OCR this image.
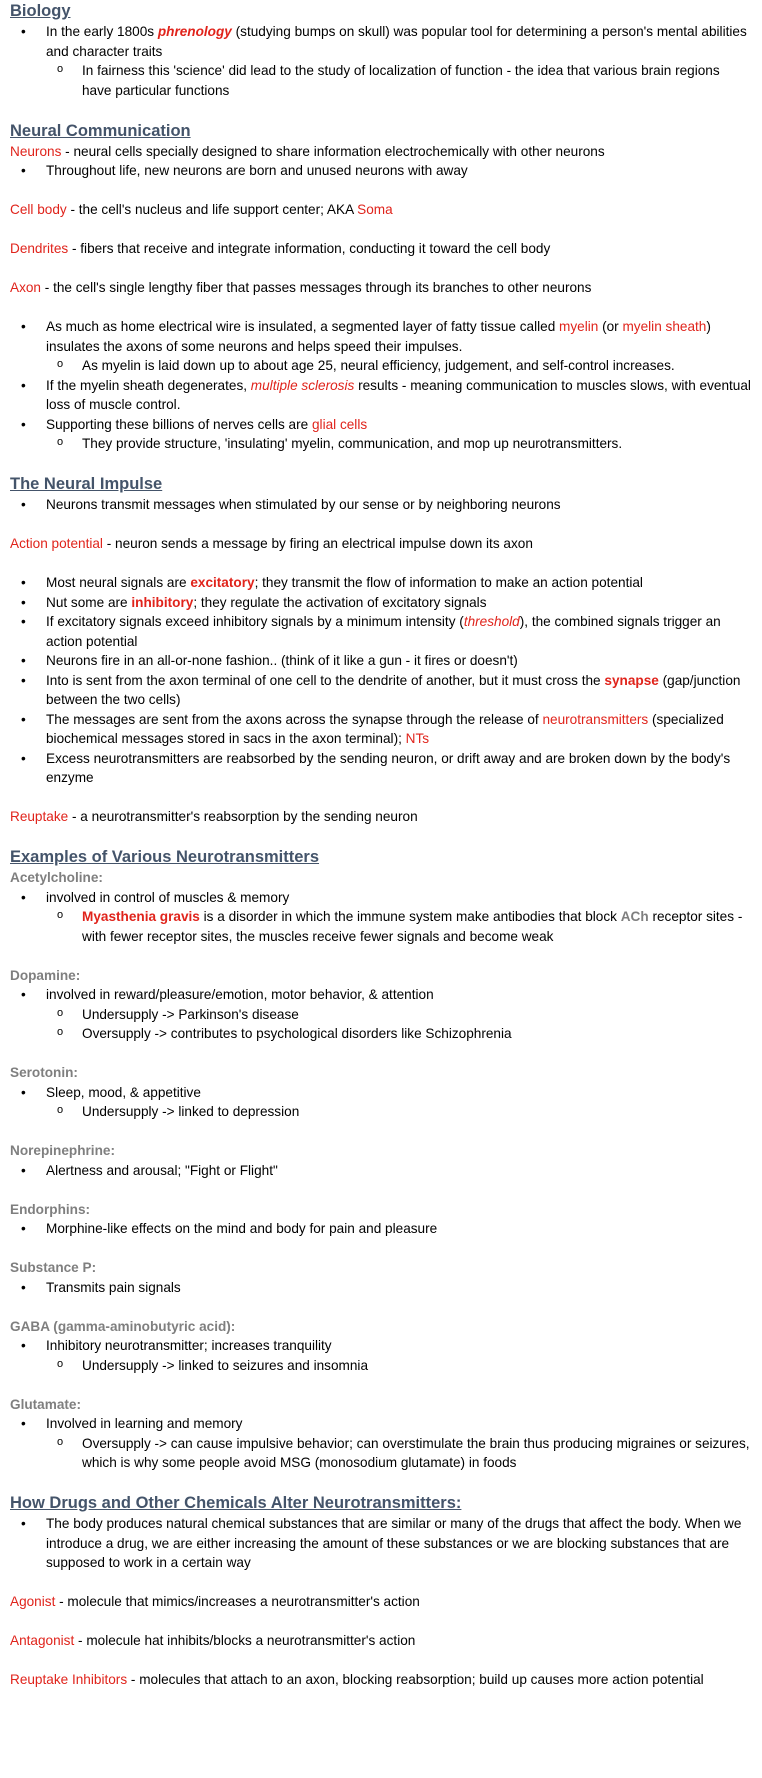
Biology
• In the early 1800s phrenology (studying bumps on skull) was popular tool for determining a person's mental abilities and character traits
o In fairness this 'science' did lead to the study of localization of function - the idea that various brain regions have particular functions
Neural Communication

Neurons - neural cells specially designed to share information electrochemically with other neurons

• Throughout life, new neurons are born and unused neurons with away

Cell body - the cell's nucleus and life support center; AKA Soma

Dendrites - fibers that receive and integrate information, conducting it toward the cell body

Axon - the cell's single lengthy fiber that passes messages through its branches to other neurons

• As much as home electrical wire is insulated, a segmented layer of fatty tissue called myelin (or myelin sheath) insulates the axons of some neurons and helps speed their impulses.
o As myelin is laid down up to about age 25, neural efficiency, judgement, and self-control increases.
• If the myelin sheath degenerates, multiple sclerosis results - meaning communication to muscles slows, with eventual loss of muscle control.
• Supporting these billions of nerves cells are glial cells
o They provide structure, 'insulating' myelin, communication, and mop up neurotransmitters.
The Neural Impulse
• Neurons transmit messages when stimulated by our sense or by neighboring neurons

Action potential - neuron sends a message by firing an electrical impulse down its axon

• Most neural signals are excitatory; they transmit the flow of information to make an action potential
• Nut some are inhibitory; they regulate the activation of excitatory signals
• If excitatory signals exceed inhibitory signals by a minimum intensity (threshold), the combined signals trigger an action potential
• Neurons fire in an all-or-none fashion.. (think of it like a gun - it fires or doesn't)
• Into is sent from the axon terminal of one cell to the dendrite of another, but it must cross the synapse (gap/junction between the two cells)
• The messages are sent from the axons across the synapse through the release of neurotransmitters (specialized biochemical messages stored in sacs in the axon terminal); NTs
• Excess neurotransmitters are reabsorbed by the sending neuron, or drift away and are broken down by the body's enzyme

Reuptake - a neurotransmitter's reabsorption by the sending neuron

Examples of Various Neurotransmitters

Acetylcholine:

• involved in control of muscles & memory
o Myasthenia gravis is a disorder in which the immune system make antibodies that block ACh receptor sites - with fewer receptor sites, the muscles receive fewer signals and become weak

Dopamine:

• involved in reward/pleasure/emotion, motor behavior, & attention
o Undersupply -> Parkinson's disease
o Oversupply -> contributes to psychological disorders like Schizophrenia

Serotonin:

• Sleep, mood, & appetitive
o Undersupply -> linked to depression

Norepinephrine:

• Alertness and arousal; "Fight or Flight"

Endorphins:

• Morphine-like effects on the mind and body for pain and pleasure

Substance P:

• Transmits pain signals

GABA (gamma-aminobutyric acid):

• Inhibitory neurotransmitter; increases tranquility
o Undersupply -> linked to seizures and insomnia

Glutamate:

• Involved in learning and memory
o Oversupply -> can cause impulsive behavior; can overstimulate the brain thus producing migraines or seizures, which is why some people avoid MSG (monosodium glutamate) in foods
How Drugs and Other Chemicals Alter Neurotransmitters:
• The body produces natural chemical substances that are similar or many of the drugs that affect the body. When we introduce a drug, we are either increasing the amount of these substances or we are blocking substances that are supposed to work in a certain way

Agonist - molecule that mimics/increases a neurotransmitter's action

Antagonist - molecule hat inhibits/blocks a neurotransmitter's action

Reuptake Inhibitors - molecules that attach to an axon, blocking reabsorption; build up causes more action potential
